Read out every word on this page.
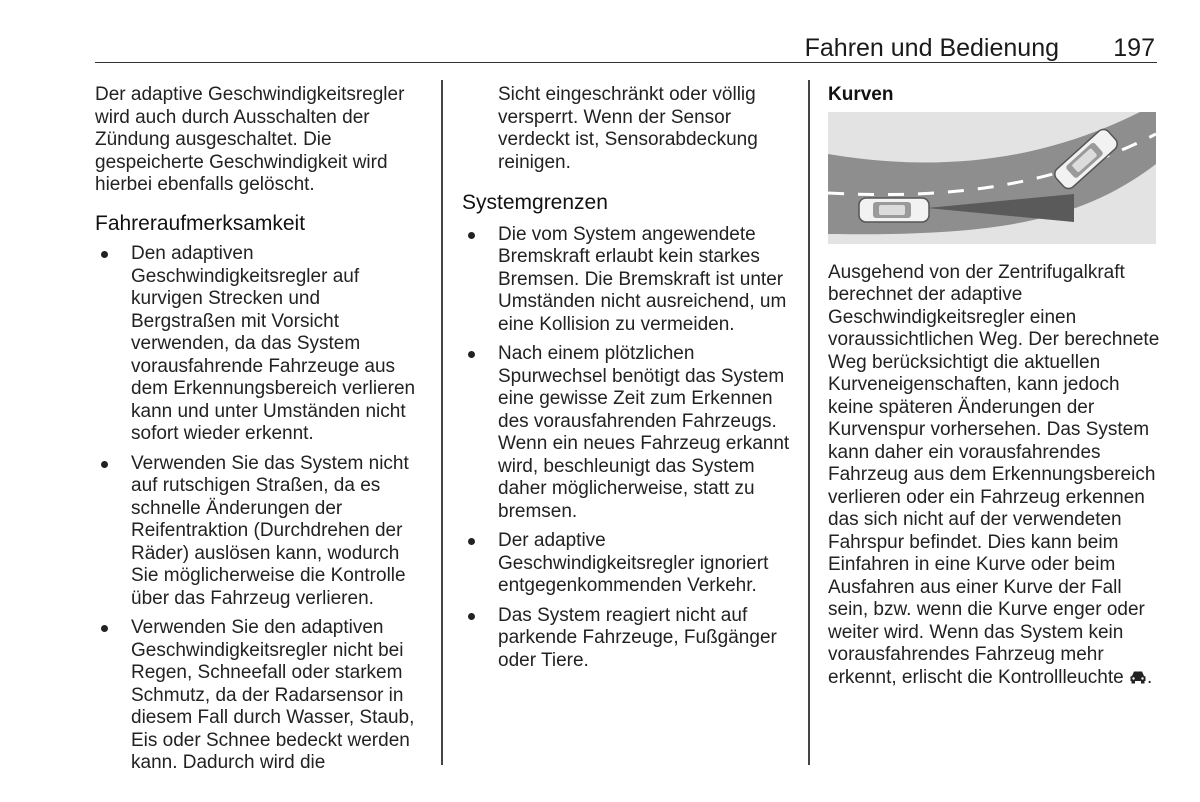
Fahren und Bedienung 197

Der adaptive Geschwindigkeitsregler wird auch durch Ausschalten der Zündung ausgeschaltet. Die gespeicherte Geschwindigkeit wird hierbei ebenfalls gelöscht.

Fahreraufmerksamkeit
Den adaptiven Geschwindigkeitsregler auf kurvigen Strecken und Bergstraßen mit Vorsicht verwenden, da das System vorausfahrende Fahrzeuge aus dem Erkennungsbereich verlieren kann und unter Umständen nicht sofort wieder erkennt.
Verwenden Sie das System nicht auf rutschigen Straßen, da es schnelle Änderungen der Reifentraktion (Durchdrehen der Räder) auslösen kann, wodurch Sie möglicherweise die Kontrolle über das Fahrzeug verlieren.
Verwenden Sie den adaptiven Geschwindigkeitsregler nicht bei Regen, Schneefall oder starkem Schmutz, da der Radarsensor in diesem Fall durch Wasser, Staub, Eis oder Schnee bedeckt werden kann. Dadurch wird die

Sicht eingeschränkt oder völlig versperrt. Wenn der Sensor verdeckt ist, Sensorabdeckung reinigen.

Systemgrenzen
Die vom System angewendete Bremskraft erlaubt kein starkes Bremsen. Die Bremskraft ist unter Umständen nicht ausreichend, um eine Kollision zu vermeiden.
Nach einem plötzlichen Spurwechsel benötigt das System eine gewisse Zeit zum Erkennen des vorausfahrenden Fahrzeugs. Wenn ein neues Fahrzeug erkannt wird, beschleunigt das System daher möglicherweise, statt zu bremsen.
Der adaptive Geschwindigkeitsregler ignoriert entgegenkommenden Verkehr.
Das System reagiert nicht auf parkende Fahrzeuge, Fußgänger oder Tiere.
Kurven

Ausgehend von der Zentrifugalkraft berechnet der adaptive Geschwindigkeitsregler einen voraussichtlichen Weg. Der berechnete Weg berücksichtigt die aktuellen Kurveneigenschaften, kann jedoch keine späteren Änderungen der Kurvenspur vorhersehen. Das System kann daher ein vorausfahrendes Fahrzeug aus dem Erkennungsbereich verlieren oder ein Fahrzeug erkennen das sich nicht auf der verwendeten Fahrspur befindet. Dies kann beim Einfahren in eine Kurve oder beim Ausfahren aus einer Kurve der Fall sein, bzw. wenn die Kurve enger oder weiter wird. Wenn das System kein vorausfahrendes Fahrzeug mehr erkennt, erlischt die Kontrollleuchte .
